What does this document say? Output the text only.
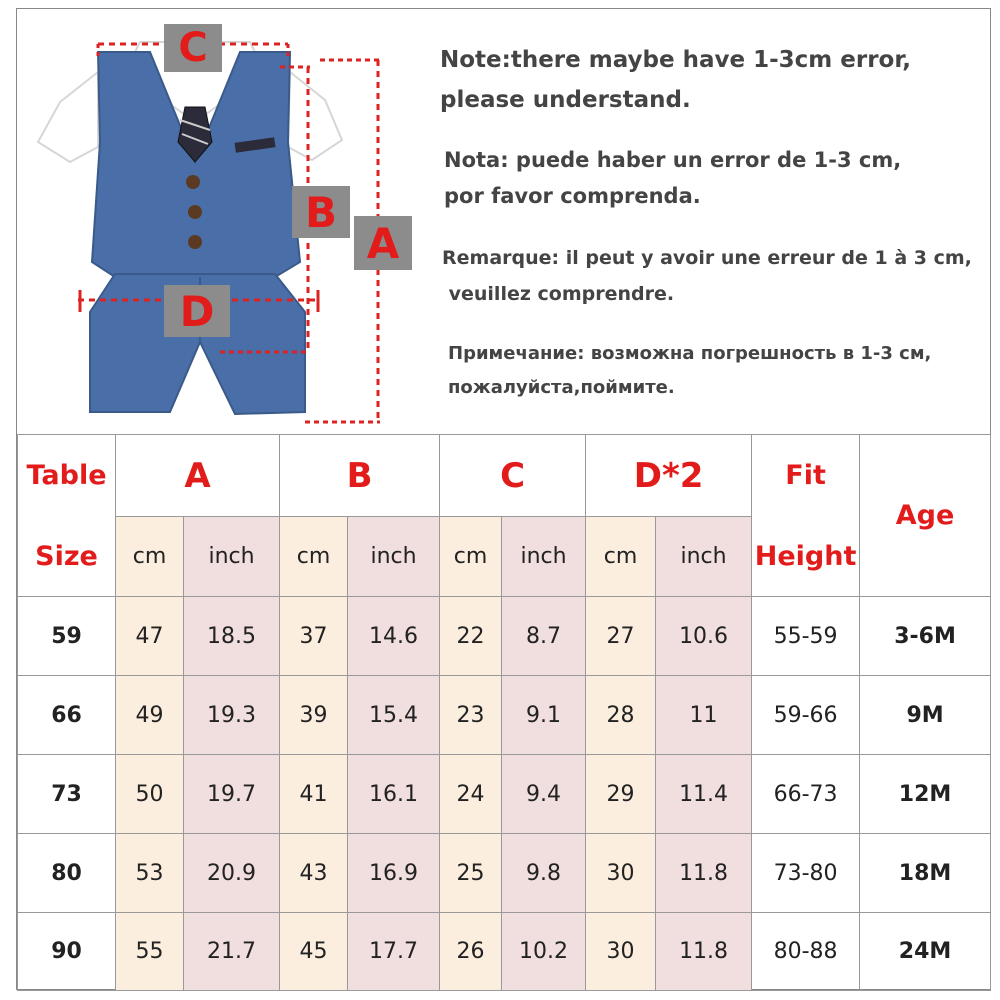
C
B
A
D
Note:there maybe have 1-3cm error,
please understand.
Nota: puede haber un error de 1-3 cm,
por favor comprenda.
Remarque: il peut y avoir une erreur de 1 à 3 cm,
veuillez comprendre.
Примечание: возможна погрешность в 1-3 см,
пожалуйста,поймите.
Table	A		B		C		D*2		Fit	Age
Size	cm	inch	cm	inch	cm	inch	cm	inch	Height	
59	47	18.5	37	14.6	22	8.7	27	10.6	55-59	3-6M
66	49	19.3	39	15.4	23	9.1	28	11	59-66	9M
73	50	19.7	41	16.1	24	9.4	29	11.4	66-73	12M
80	53	20.9	43	16.9	25	9.8	30	11.8	73-80	18M
90	55	21.7	45	17.7	26	10.2	30	11.8	80-88	24M
